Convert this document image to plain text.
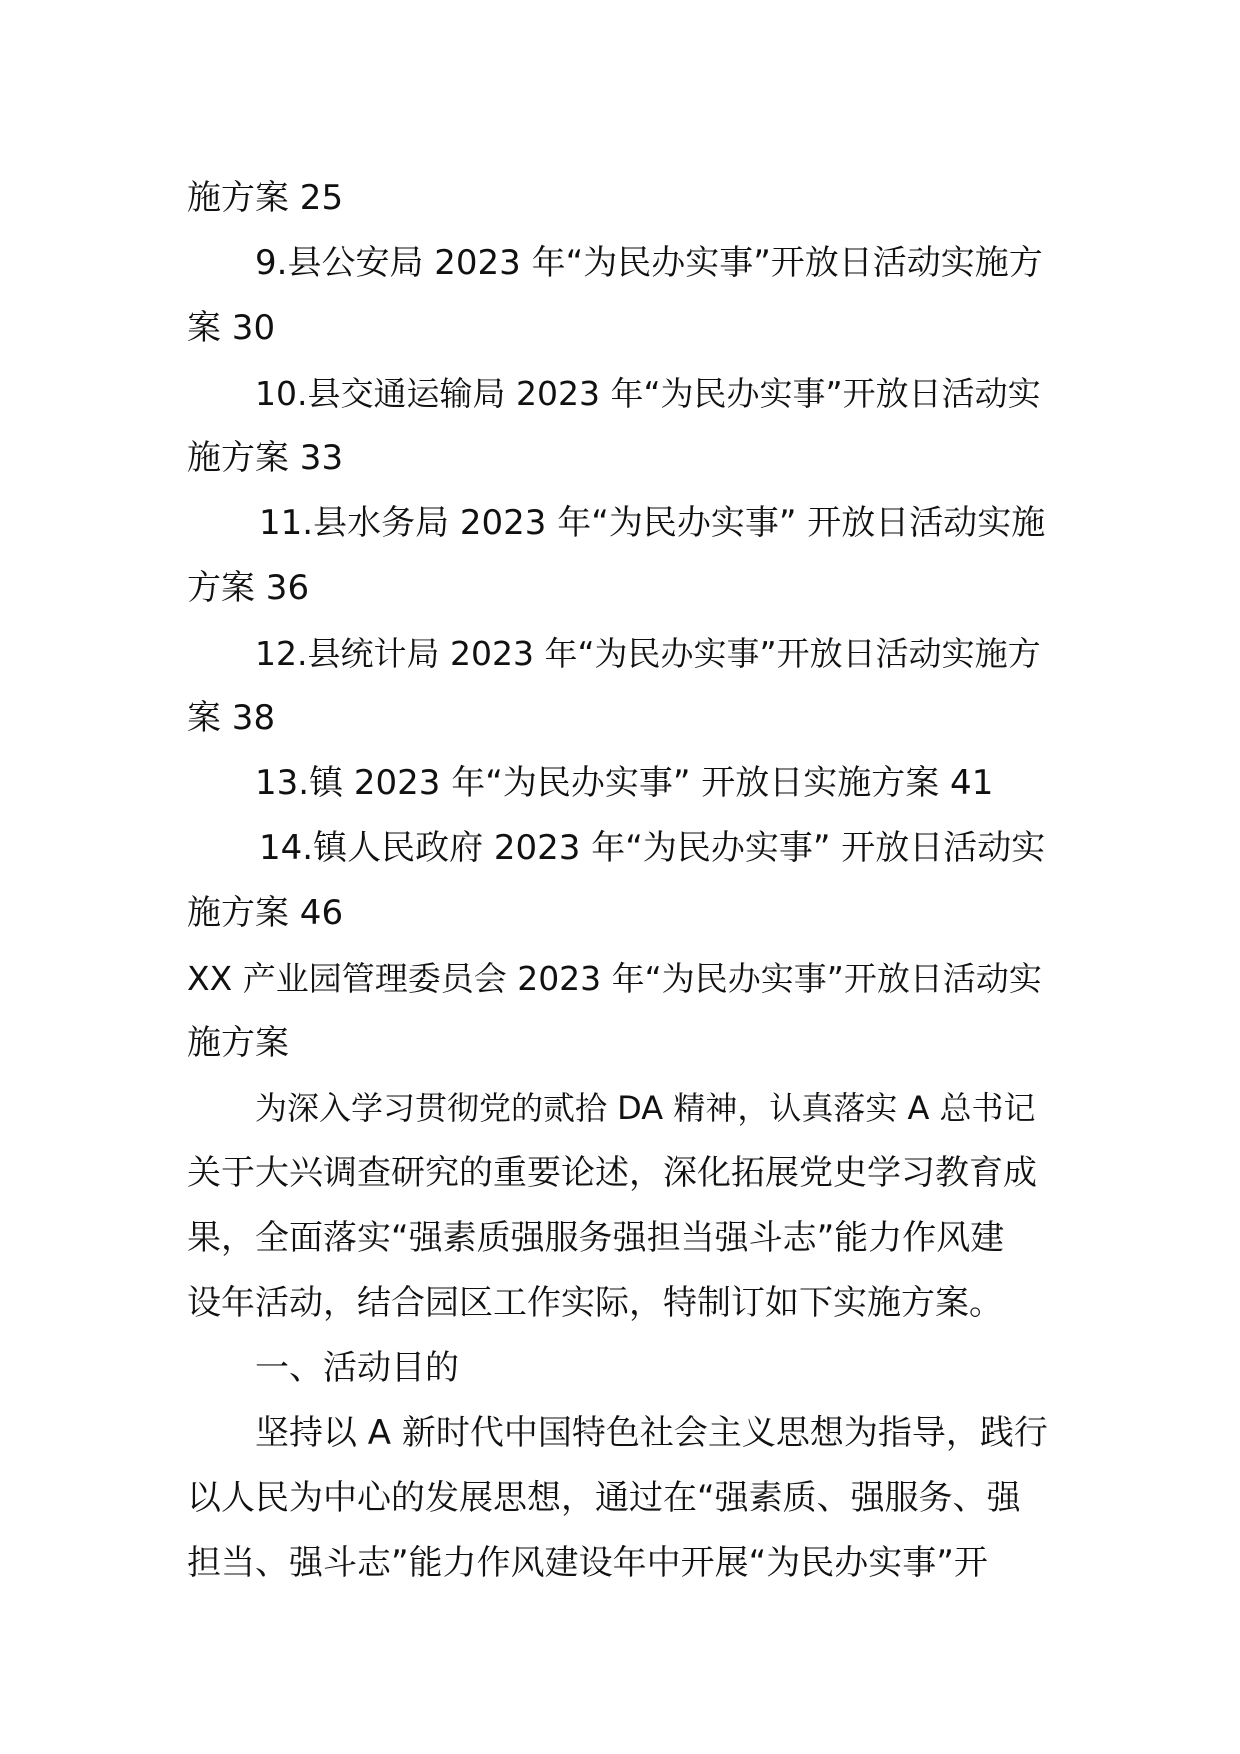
施方案 25
9.县公安局 2023 年“为民办实事”开放日活动实施方
案 30
10.县交通运输局 2023 年“为民办实事”开放日活动实
施方案 33
11.县水务局 2023 年“为民办实事” 开放日活动实施
方案 36
12.县统计局 2023 年“为民办实事”开放日活动实施方
案 38
13.镇 2023 年“为民办实事” 开放日实施方案 41
14.镇人民政府 2023 年“为民办实事” 开放日活动实
施方案 46
XX 产业园管理委员会 2023 年“为民办实事”开放日活动实
施方案
为深入学习贯彻党的贰拾 DA 精神，认真落实 A 总书记
关于大兴调查研究的重要论述，深化拓展党史学习教育成
果，全面落实“强素质强服务强担当强斗志”能力作风建
设年活动，结合园区工作实际，特制订如下实施方案。
一、活动目的
坚持以 A 新时代中国特色社会主义思想为指导，践行
以人民为中心的发展思想，通过在“强素质、强服务、强
担当、强斗志”能力作风建设年中开展“为民办实事”开
